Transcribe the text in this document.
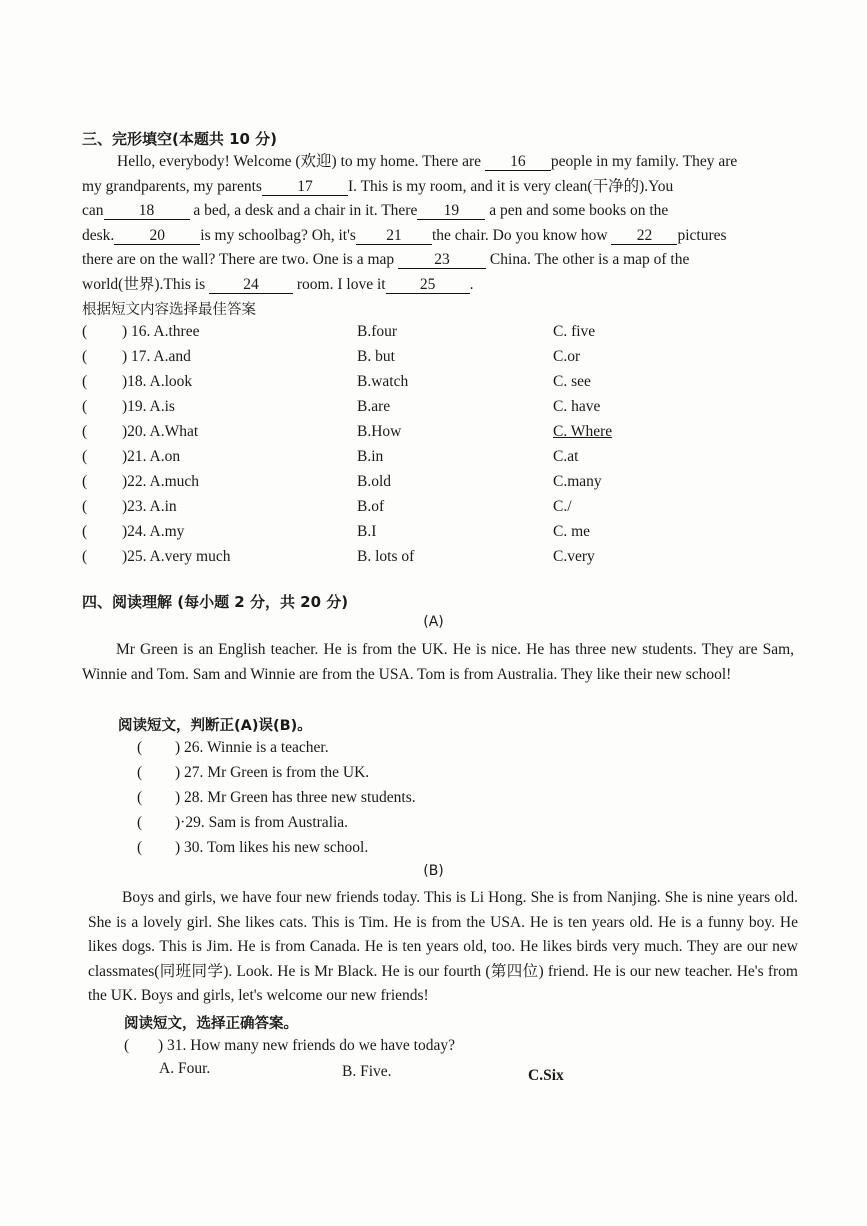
三、完形填空(本题共 10 分)
Hello, everybody! Welcome (欢迎) to my home. There are 16 people in my family. They are
my grandparents, my parents 17 I. This is my room, and it is very clean(干净的).You
can 18	a bed, a desk and a chair in it. There 19 a pen and some books on the
desk. 20 is my schoolbag? Oh, it's 21 the chair. Do you know how 22 pictures
there are on the wall? There are two. One is a map	23	China. The other is a map of the
world(世界).This is 24 room. I love it 25 .
根据短文内容选择最佳答案
( ) 16. A.three	B.four	C. five
( ) 17. A.and	B. but	C.or
( )18. A.look	B.watch	C. see
( )19. A.is	B.are	C. have
( )20. A.What	B.How	C. Where
( )21. A.on	B.in	C.at
( )22. A.much	B.old	C.many
( )23. A.in	B.of	C./
( )24. A.my	B.I	C. me
( )25. A.very much	B. lots of	C.very
四、阅读理解 (每小题 2 分，共 20 分)
(A)

Mr Green is an English teacher. He is from the UK. He is nice. He has three new students. They are Sam, Winnie and Tom. Sam and Winnie are from the USA. Tom is from Australia. They like their new school!

阅读短文，判断正(A)误(B)。
( ) 26. Winnie is a teacher.
( ) 27. Mr Green is from the UK.
( ) 28. Mr Green has three new students.
( )·29. Sam is from Australia.
( ) 30. Tom likes his new school.
(B)

Boys and girls, we have four new friends today. This is Li Hong. She is from Nanjing. She is nine years old. She is a lovely girl. She likes cats. This is Tim. He is from the USA. He is ten years old. He is a funny boy. He likes dogs. This is Jim. He is from Canada. He is ten years old, too. He likes birds very much. They are our new classmates(同班同学). Look. He is Mr Black. He is our fourth (第四位) friend. He is our new teacher. He's from the UK. Boys and girls, let's welcome our new friends!

阅读短文，选择正确答案。
( ) 31. How many new friends do we have today?
A. Four.	B. Five.	C.Six
